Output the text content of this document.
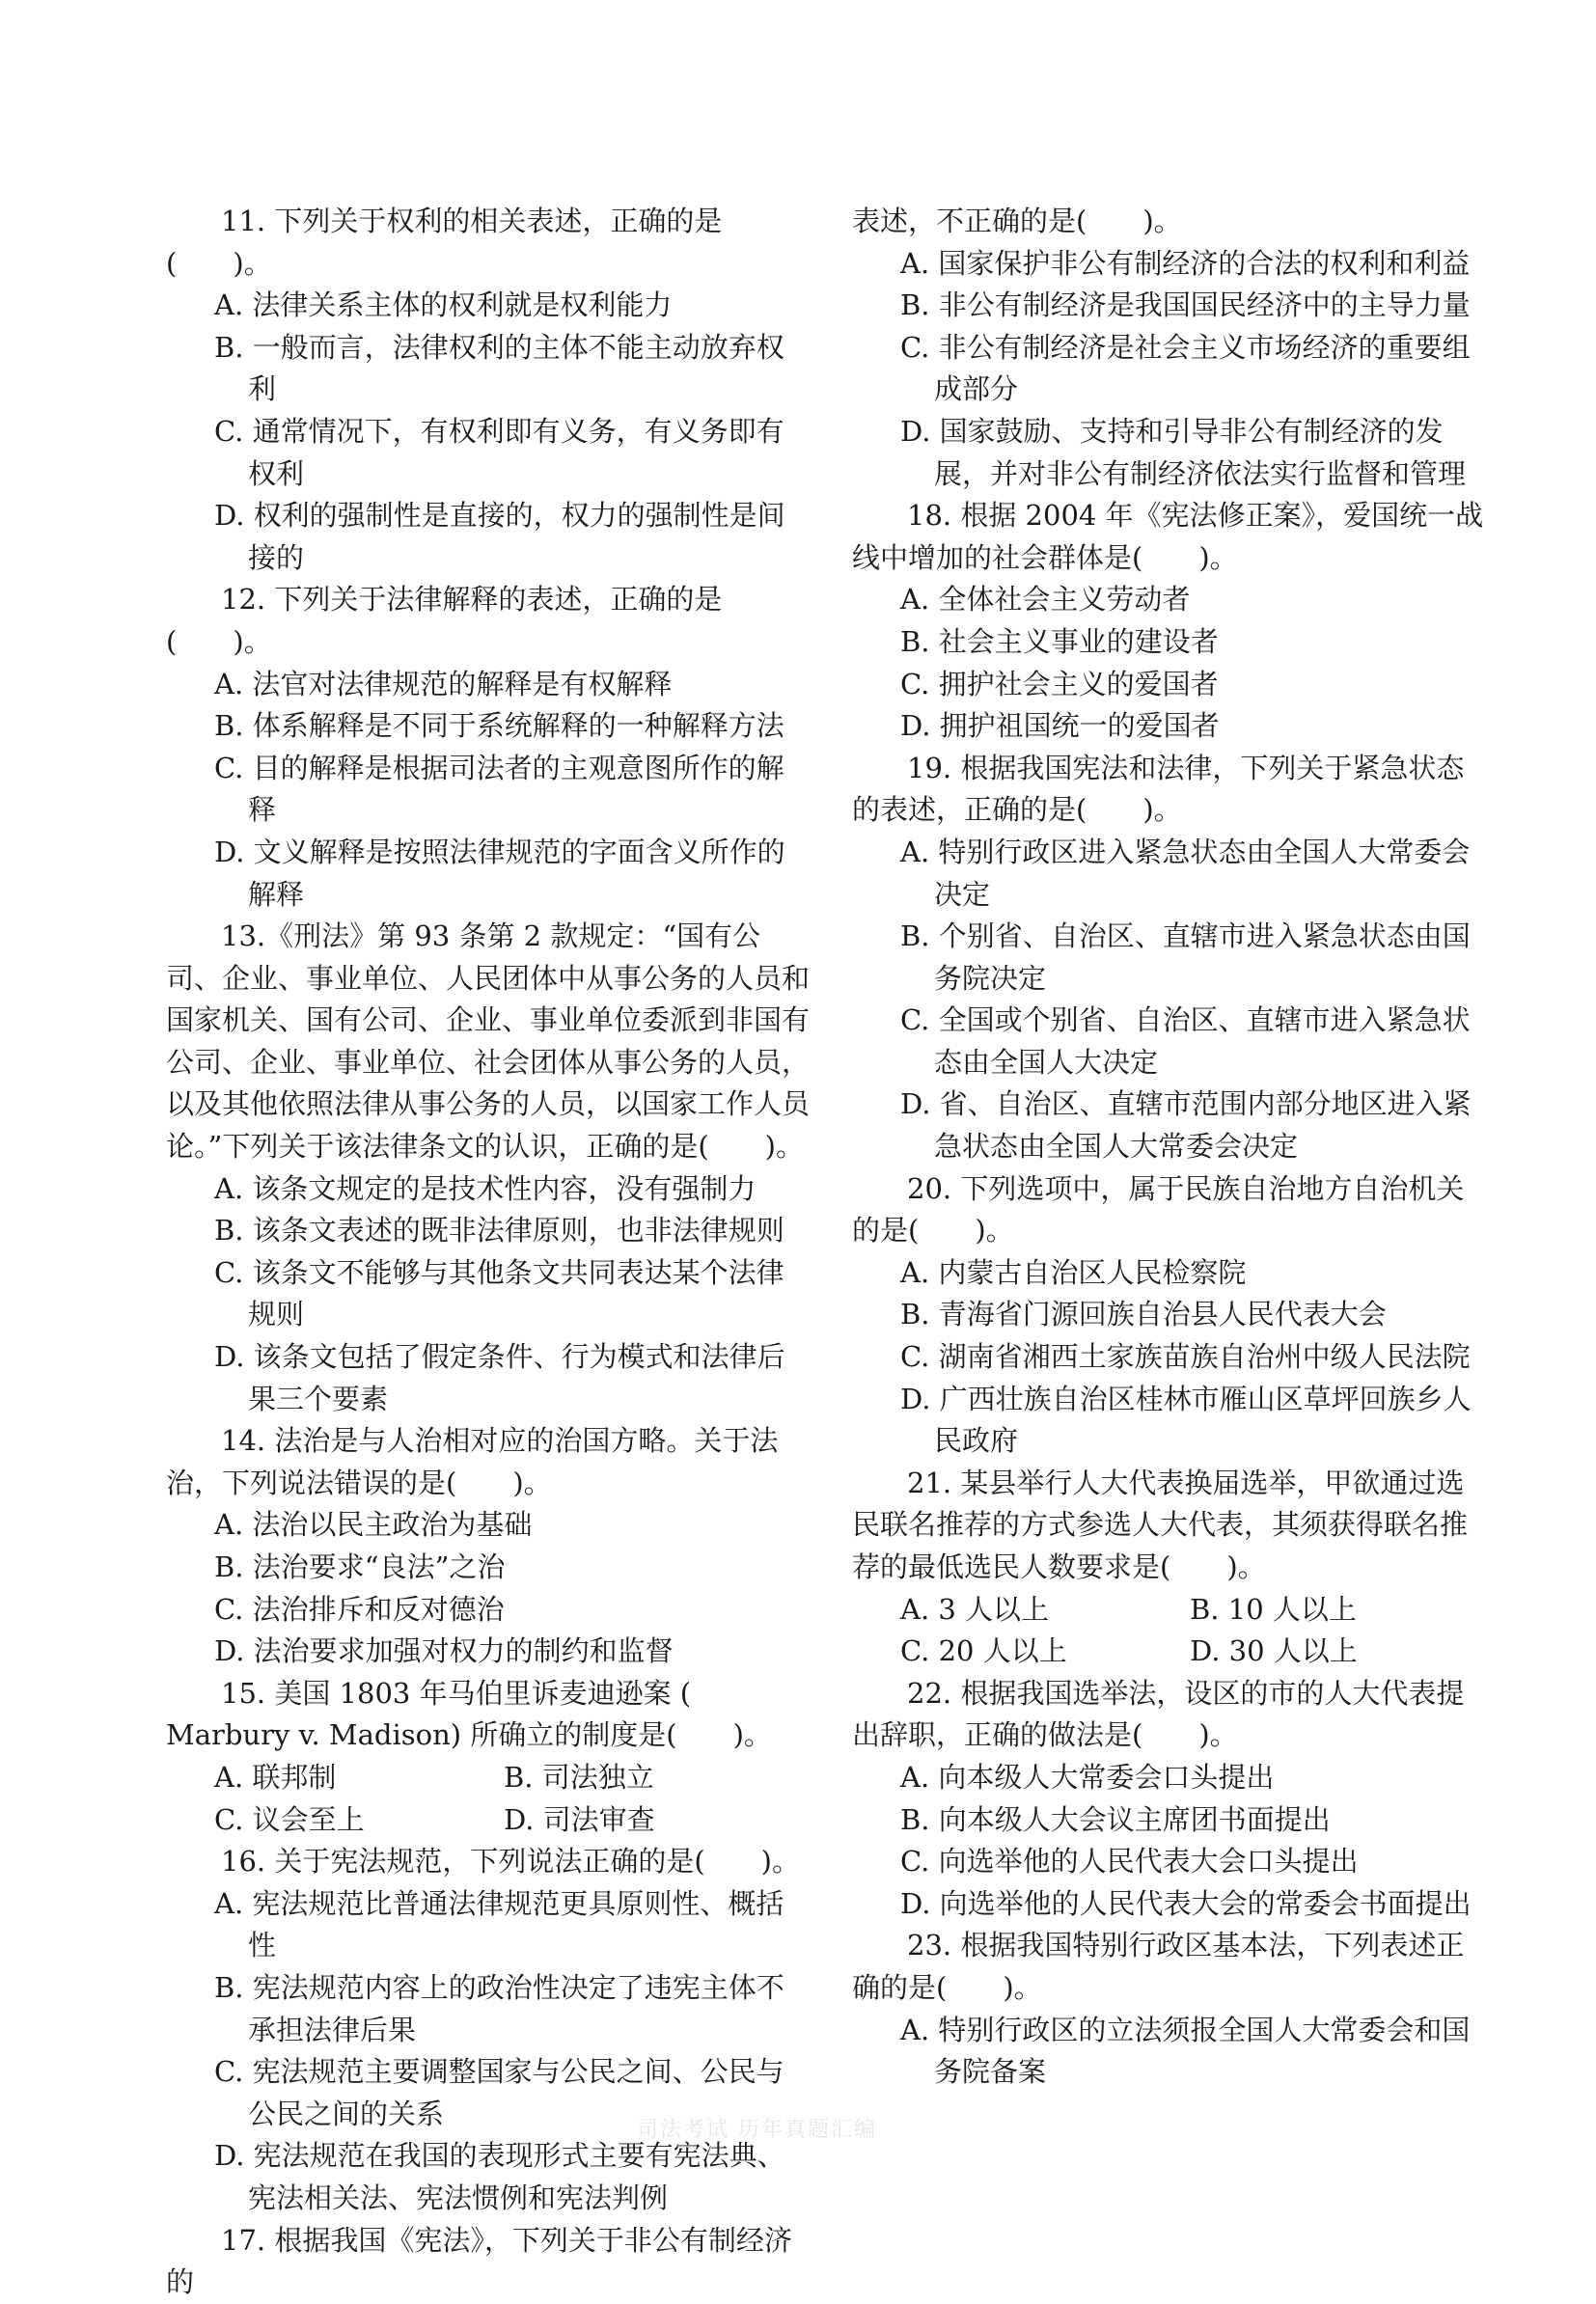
11. 下列关于权利的相关表述，正确的是(　　)。

A. 法律关系主体的权利就是权利能力

B. 一般而言，法律权利的主体不能主动放弃权利

C. 通常情况下，有权利即有义务，有义务即有权利

D. 权利的强制性是直接的，权力的强制性是间接的

12. 下列关于法律解释的表述，正确的是(　　)。

A. 法官对法律规范的解释是有权解释

B. 体系解释是不同于系统解释的一种解释方法

C. 目的解释是根据司法者的主观意图所作的解释

D. 文义解释是按照法律规范的字面含义所作的解释

13.《刑法》第 93 条第 2 款规定：“国有公司、企业、事业单位、人民团体中从事公务的人员和国家机关、国有公司、企业、事业单位委派到非国有公司、企业、事业单位、社会团体从事公务的人员，以及其他依照法律从事公务的人员，以国家工作人员论。”下列关于该法律条文的认识，正确的是(　　)。

A. 该条文规定的是技术性内容，没有强制力

B. 该条文表述的既非法律原则，也非法律规则

C. 该条文不能够与其他条文共同表达某个法律规则

D. 该条文包括了假定条件、行为模式和法律后果三个要素

14. 法治是与人治相对应的治国方略。关于法治，下列说法错误的是(　　)。

A. 法治以民主政治为基础

B. 法治要求“良法”之治

C. 法治排斥和反对德治

D. 法治要求加强对权力的制约和监督

15. 美国 1803 年马伯里诉麦迪逊案 ( Marbury v. Madison) 所确立的制度是(　　)。

A. 联邦制	B. 司法独立
C. 议会至上	D. 司法审查

16. 关于宪法规范，下列说法正确的是(　　)。

A. 宪法规范比普通法律规范更具原则性、概括性

B. 宪法规范内容上的政治性决定了违宪主体不承担法律后果

C. 宪法规范主要调整国家与公民之间、公民与公民之间的关系

D. 宪法规范在我国的表现形式主要有宪法典、宪法相关法、宪法惯例和宪法判例

17. 根据我国《宪法》，下列关于非公有制经济的

表述，不正确的是(　　)。

A. 国家保护非公有制经济的合法的权利和利益

B. 非公有制经济是我国国民经济中的主导力量

C. 非公有制经济是社会主义市场经济的重要组成部分

D. 国家鼓励、支持和引导非公有制经济的发展，并对非公有制经济依法实行监督和管理

18. 根据 2004 年《宪法修正案》，爱国统一战线中增加的社会群体是(　　)。

A. 全体社会主义劳动者

B. 社会主义事业的建设者

C. 拥护社会主义的爱国者

D. 拥护祖国统一的爱国者

19. 根据我国宪法和法律，下列关于紧急状态的表述，正确的是(　　)。

A. 特别行政区进入紧急状态由全国人大常委会决定

B. 个别省、自治区、直辖市进入紧急状态由国务院决定

C. 全国或个别省、自治区、直辖市进入紧急状态由全国人大决定

D. 省、自治区、直辖市范围内部分地区进入紧急状态由全国人大常委会决定

20. 下列选项中，属于民族自治地方自治机关的是(　　)。

A. 内蒙古自治区人民检察院

B. 青海省门源回族自治县人民代表大会

C. 湖南省湘西土家族苗族自治州中级人民法院

D. 广西壮族自治区桂林市雁山区草坪回族乡人民政府

21. 某县举行人大代表换届选举，甲欲通过选民联名推荐的方式参选人大代表，其须获得联名推荐的最低选民人数要求是(　　)。

A. 3 人以上	B. 10 人以上
C. 20 人以上	D. 30 人以上

22. 根据我国选举法，设区的市的人大代表提出辞职，正确的做法是(　　)。

A. 向本级人大常委会口头提出

B. 向本级人大会议主席团书面提出

C. 向选举他的人民代表大会口头提出

D. 向选举他的人民代表大会的常委会书面提出

23. 根据我国特别行政区基本法，下列表述正确的是(　　)。

A. 特别行政区的立法须报全国人大常委会和国务院备案

司法考试 历年真题汇编
